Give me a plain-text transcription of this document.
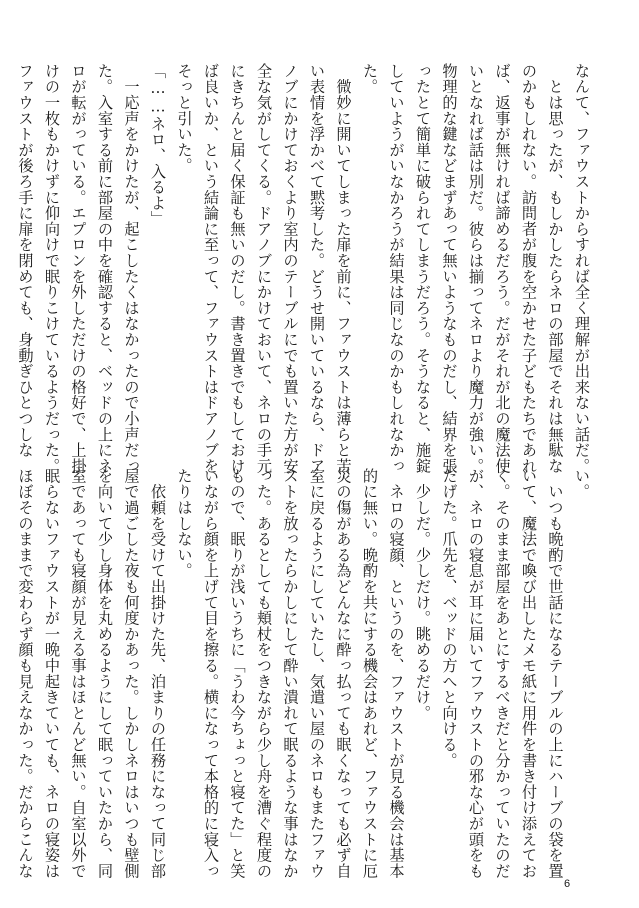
なんて、ファウストからすれば全く理解が出来ない話だ。

　とは思ったが、もしかしたらネロの部屋でそれは無駄な

のかもしれない。訪問者が腹を空かせた子どもたちであれ

ば、返事が無ければ諦めるだろう。だがそれが北の魔法使

いとなれば話は別だ。彼らは揃ってネロより魔力が強い。

物理的な鍵などまずあって無いようなものだし、結界を張

ったとて簡単に破られてしまうだろう。そうなると、施錠

していようがいなかろうが結果は同じなのかもしれなかっ

た。

　微妙に開いてしまった扉を前に、ファウストは薄らと苦

い表情を浮かべて黙考した。どうせ開いているなら、ドア

ノブにかけておくより室内のテーブルにでも置いた方が安

全な気がしてくる。ドアノブにかけておいて、ネロの手元

にきちんと届く保証も無いのだし。書き置きでもしておけ

ば良いか、という結論に至って、ファウストはドアノブを

そっと引いた。

「……ネロ、入るよ」

　一応声をかけたが、起こしたくはなかったので小声だっ

た。入室する前に部屋の中を確認すると、ベッドの上にネ

ロが転がっている。エプロンを外しただけの格好で、上掛

けの一枚もかけずに仰向けで眠りこけているようだった。

ファウストが後ろ手に扉を閉めても、身動ぎひとつしな

い。

　いつも晩酌で世話になるテーブルの上にハーブの袋を置

いて、魔法で喚び出したメモ紙に用件を書き付け添えてお

く。そのまま部屋をあとにするべきだと分かっていたのだ

が、ネロの寝息が耳に届いてファウストの邪な心が頭をも

たげた。爪先を、ベッドの方へと向ける。

　少しだ。少しだけ。眺めるだけ。

　ネロの寝顔、というのを、ファウストが見る機会は基本

的に無い。晩酌を共にする機会はあれど、ファウストに厄

災の傷がある為どんなに酔っ払っても眠くなっても必ず自

室に戻るようにしていたし、気遣い屋のネロもまたファウ

ストを放ったらかしにして酔い潰れて眠るような事はなか

った。あるとしても頬杖をつきながら少し舟を漕ぐ程度の

もので、眠りが浅いうちに「うわ今ちょっと寝てた」と笑

いながら顔を上げて目を擦る。横になって本格的に寝入っ

たりはしない。

　依頼を受けて出掛けた先、泊まりの任務になって同じ部

屋で過ごした夜も何度かあった。しかしネロはいつも壁側

を向いて少し身体を丸めるようにして眠っていたから、同

室であっても寝顔が見える事はほとんど無い。自室以外で

眠らないファウストが一晩中起きていても、ネロの寝姿は

ほぼそのままで変わらず顔も見えなかった。だからこんな

6
